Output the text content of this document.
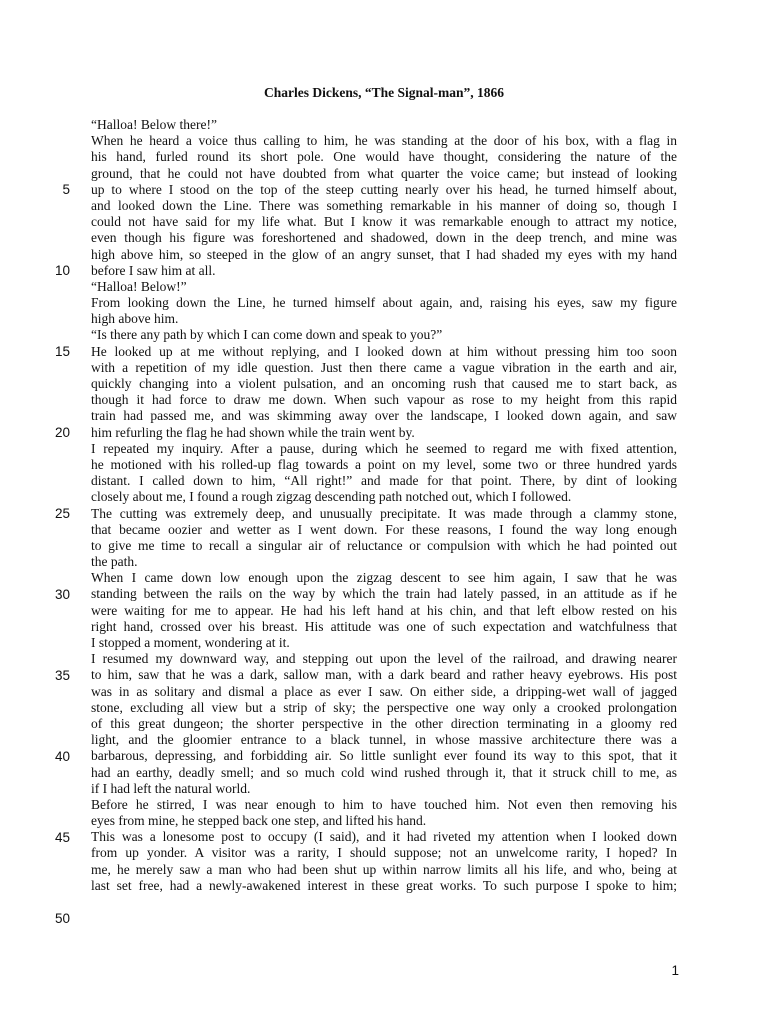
Charles Dickens, “The Signal-man”, 1866
5
10
15
20
25
30
35
40
45
50
“Halloa! Below there!”
When he heard a voice thus calling to him, he was standing at the door of his box, with a flag in
his hand, furled round its short pole. One would have thought, considering the nature of the
ground, that he could not have doubted from what quarter the voice came; but instead of looking
up to where I stood on the top of the steep cutting nearly over his head, he turned himself about,
and looked down the Line. There was something remarkable in his manner of doing so, though I
could not have said for my life what. But I know it was remarkable enough to attract my notice,
even though his figure was foreshortened and shadowed, down in the deep trench, and mine was
high above him, so steeped in the glow of an angry sunset, that I had shaded my eyes with my hand
before I saw him at all.
“Halloa! Below!”
From looking down the Line, he turned himself about again, and, raising his eyes, saw my figure
high above him.
“Is there any path by which I can come down and speak to you?”
He looked up at me without replying, and I looked down at him without pressing him too soon
with a repetition of my idle question. Just then there came a vague vibration in the earth and air,
quickly changing into a violent pulsation, and an oncoming rush that caused me to start back, as
though it had force to draw me down. When such vapour as rose to my height from this rapid
train had passed me, and was skimming away over the landscape, I looked down again, and saw
him refurling the flag he had shown while the train went by.
I repeated my inquiry. After a pause, during which he seemed to regard me with fixed attention,
he motioned with his rolled-up flag towards a point on my level, some two or three hundred yards
distant. I called down to him, “All right!” and made for that point. There, by dint of looking
closely about me, I found a rough zigzag descending path notched out, which I followed.
The cutting was extremely deep, and unusually precipitate. It was made through a clammy stone,
that became oozier and wetter as I went down. For these reasons, I found the way long enough
to give me time to recall a singular air of reluctance or compulsion with which he had pointed out
the path.
When I came down low enough upon the zigzag descent to see him again, I saw that he was
standing between the rails on the way by which the train had lately passed, in an attitude as if he
were waiting for me to appear. He had his left hand at his chin, and that left elbow rested on his
right hand, crossed over his breast. His attitude was one of such expectation and watchfulness that
I stopped a moment, wondering at it.
I resumed my downward way, and stepping out upon the level of the railroad, and drawing nearer
to him, saw that he was a dark, sallow man, with a dark beard and rather heavy eyebrows. His post
was in as solitary and dismal a place as ever I saw. On either side, a dripping-wet wall of jagged
stone, excluding all view but a strip of sky; the perspective one way only a crooked prolongation
of this great dungeon; the shorter perspective in the other direction terminating in a gloomy red
light, and the gloomier entrance to a black tunnel, in whose massive architecture there was a
barbarous, depressing, and forbidding air. So little sunlight ever found its way to this spot, that it
had an earthy, deadly smell; and so much cold wind rushed through it, that it struck chill to me, as
if I had left the natural world.
Before he stirred, I was near enough to him to have touched him. Not even then removing his
eyes from mine, he stepped back one step, and lifted his hand.
This was a lonesome post to occupy (I said), and it had riveted my attention when I looked down
from up yonder. A visitor was a rarity, I should suppose; not an unwelcome rarity, I hoped? In
me, he merely saw a man who had been shut up within narrow limits all his life, and who, being at
last set free, had a newly-awakened interest in these great works. To such purpose I spoke to him;
1
